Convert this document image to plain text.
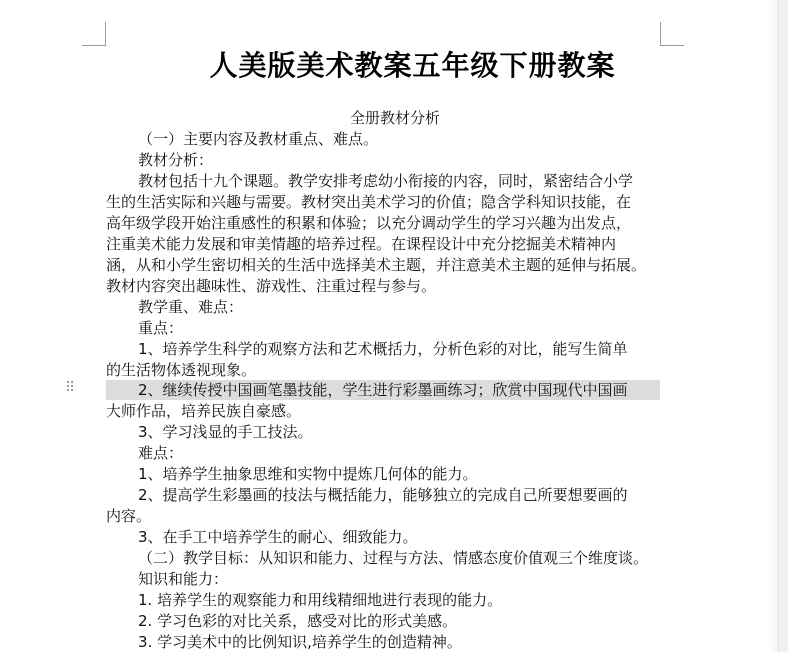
人美版美术教案五年级下册教案
全册教材分析
（一）主要内容及教材重点、难点。
教材分析：
教材包括十九个课题。教学安排考虑幼小衔接的内容，同时，紧密结合小学
生的生活实际和兴趣与需要。教材突出美术学习的价值；隐含学科知识技能，在
高年级学段开始注重感性的积累和体验；以充分调动学生的学习兴趣为出发点，
注重美术能力发展和审美情趣的培养过程。在课程设计中充分挖掘美术精神内
涵，从和小学生密切相关的生活中选择美术主题，并注意美术主题的延伸与拓展。
教材内容突出趣味性、游戏性、注重过程与参与。
教学重、难点：
重点：
1、培养学生科学的观察方法和艺术概括力，分析色彩的对比，能写生简单
的生活物体透视现象。
⠿	2、继续传授中国画笔墨技能，学生进行彩墨画练习；欣赏中国现代中国画
大师作品，培养民族自豪感。
3、学习浅显的手工技法。
难点：
1、培养学生抽象思维和实物中提炼几何体的能力。
2、提高学生彩墨画的技法与概括能力，能够独立的完成自己所要想要画的
内容。
3、在手工中培养学生的耐心、细致能力。
（二）教学目标：从知识和能力、过程与方法、情感态度价值观三个维度谈。
知识和能力：
1. 培养学生的观察能力和用线精细地进行表现的能力。
2. 学习色彩的对比关系，感受对比的形式美感。
3. 学习美术中的比例知识,培养学生的创造精神。
